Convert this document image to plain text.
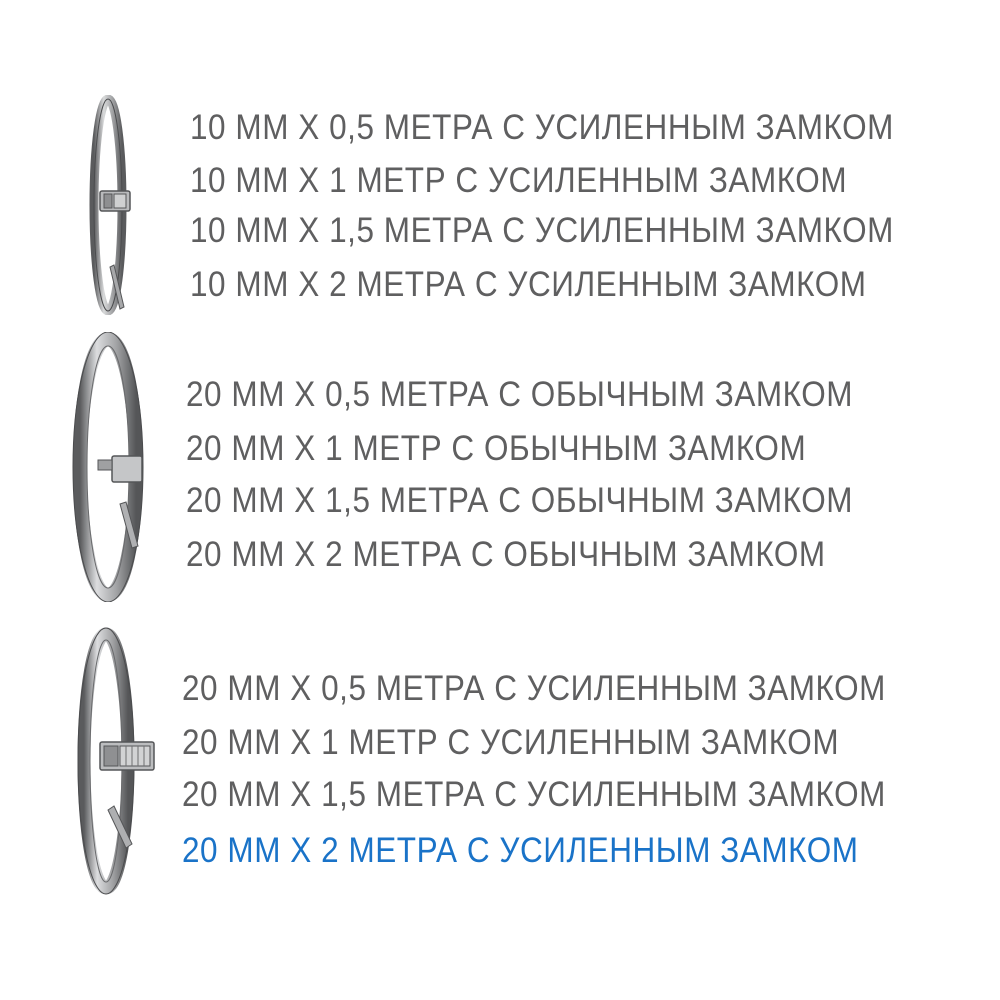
10 ММ Х 0,5 МЕТРА С УСИЛЕННЫМ ЗАМКОМ
10 ММ Х 1 МЕТР С УСИЛЕННЫМ ЗАМКОМ
10 ММ Х 1,5 МЕТРА С УСИЛЕННЫМ ЗАМКОМ
10 ММ Х 2 МЕТРА С УСИЛЕННЫМ ЗАМКОМ
20 ММ Х 0,5 МЕТРА С ОБЫЧНЫМ ЗАМКОМ
20 ММ Х 1 МЕТР С ОБЫЧНЫМ ЗАМКОМ
20 ММ Х 1,5 МЕТРА С ОБЫЧНЫМ ЗАМКОМ
20 ММ Х 2 МЕТРА С ОБЫЧНЫМ ЗАМКОМ
20 ММ Х 0,5 МЕТРА С УСИЛЕННЫМ ЗАМКОМ
20 ММ Х 1 МЕТР С УСИЛЕННЫМ ЗАМКОМ
20 ММ Х 1,5 МЕТРА С УСИЛЕННЫМ ЗАМКОМ
20 ММ Х 2 МЕТРА С УСИЛЕННЫМ ЗАМКОМ
